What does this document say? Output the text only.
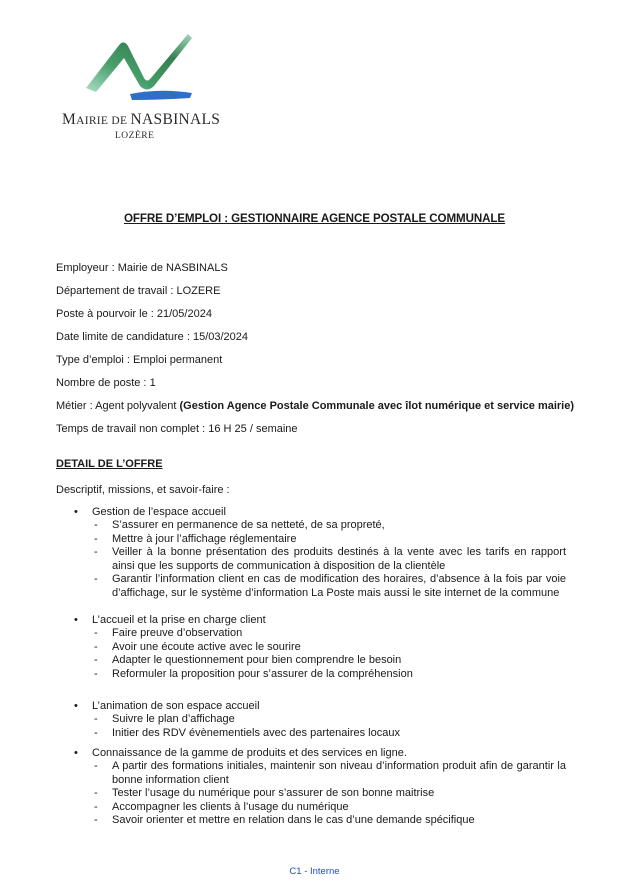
MAIRIE DE NASBINALS
LOZÈRE
OFFRE D’EMPLOI : GESTIONNAIRE AGENCE POSTALE COMMUNALE
Employeur : Mairie de NASBINALS
Département de travail : LOZERE
Poste à pourvoir le : 21/05/2024
Date limite de candidature : 15/03/2024
Type d’emploi : Emploi permanent
Nombre de poste : 1
Métier : Agent polyvalent (Gestion Agence Postale Communale avec îlot numérique et service mairie)
Temps de travail non complet : 16 H 25 / semaine
DETAIL DE L’OFFRE
Descriptif, missions, et savoir-faire :
• Gestion de l’espace accueil
- S’assurer en permanence de sa netteté, de sa propreté,
- Mettre à jour l’affichage réglementaire
- Veiller à la bonne présentation des produits destinés à la vente avec les tarifs en rapport ainsi que les supports de communication à disposition de la clientèle
- Garantir l’information client en cas de modification des horaires, d’absence à la fois par voie d’affichage, sur le système d’information La Poste mais aussi le site internet de la commune
• L’accueil et la prise en charge client
- Faire preuve d’observation
- Avoir une écoute active avec le sourire
- Adapter le questionnement pour bien comprendre le besoin
- Reformuler la proposition pour s’assurer de la compréhension
• L’animation de son espace accueil
- Suivre le plan d’affichage
- Initier des RDV évènementiels avec des partenaires locaux
• Connaissance de la gamme de produits et des services en ligne.
- A partir des formations initiales, maintenir son niveau d’information produit afin de garantir la bonne information client
- Tester l’usage du numérique pour s’assurer de son bonne maitrise
- Accompagner les clients à l’usage du numérique
- Savoir orienter et mettre en relation dans le cas d’une demande spécifique
C1 - Interne
